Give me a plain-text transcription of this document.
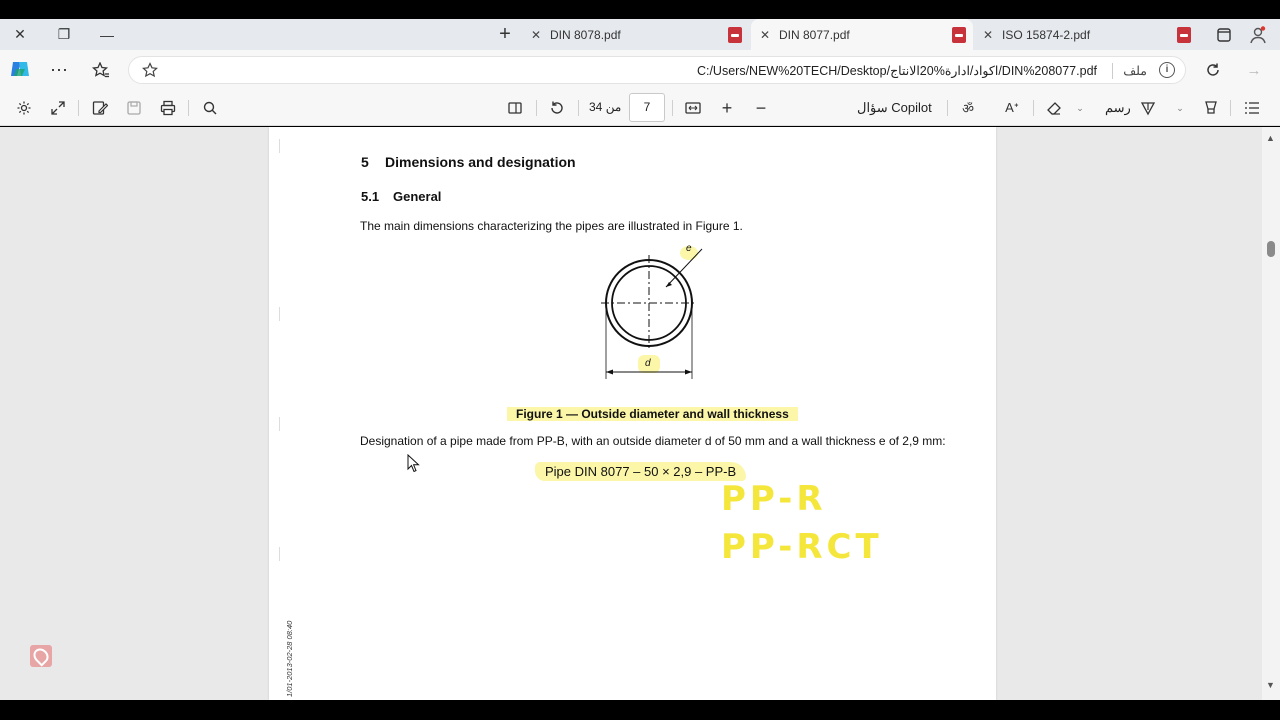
✕	❐	—	+	✕ DIN 8078.pdf	✕ DIN 8077.pdf	✕ ISO 15874-2.pdf
⋯	C:/Users/NEW%20TECH/Desktop/اكواد/ادارة%20الانتاج/DIN%208077.pdf ملف	i	→
من 34	7	+ −	سؤال Copilot	ॐ	Aᐩ	⌄	رسم	⌄
5 Dimensions and designation
5.1 General
The main dimensions characterizing the pipes are illustrated in Figure 1.
e
d
Figure 1 — Outside diameter and wall thickness
Designation of a pipe made from PP-B, with an outside diameter d of 50 mm and a wall thickness e of 2,9 mm:
Pipe DIN 8077 – 50 × 2,9 – PP-B
PP-R
PP-RCT
1/01-2013-02-28 08:40
▲
▼
